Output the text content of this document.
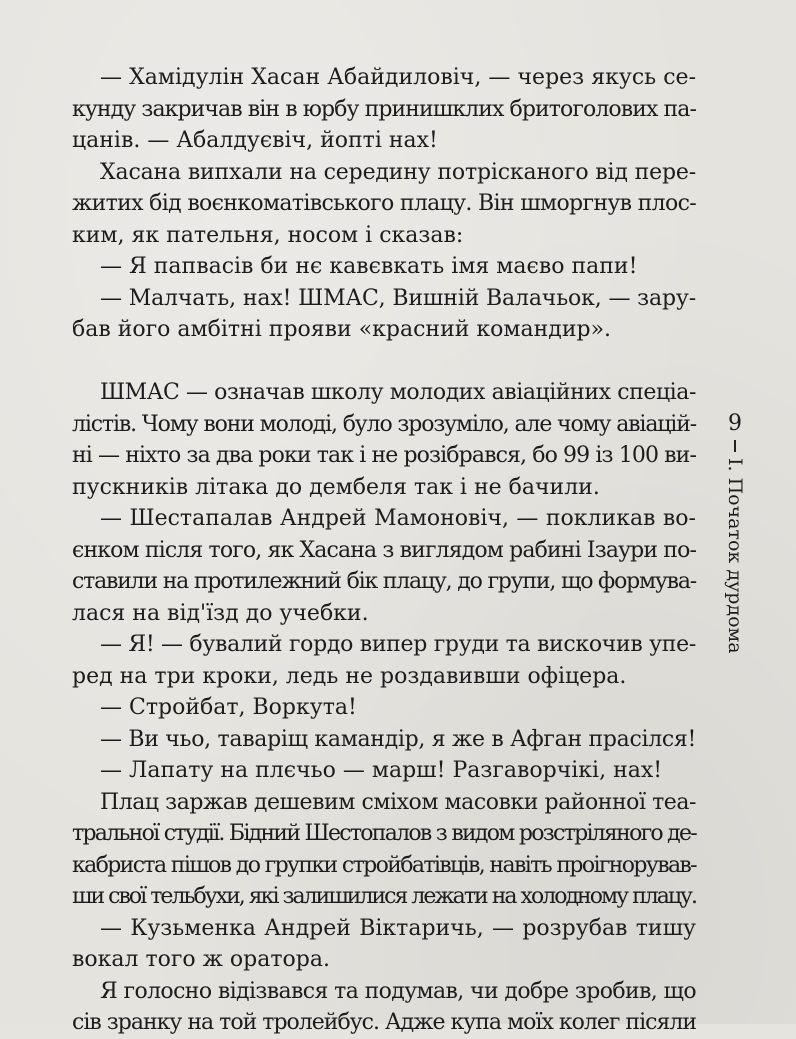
— Хамідулін Хасан Абайдиловіч, — через якусь се-
кунду закричав він в юрбу принишклих бритоголових па-
цанів. — Абалдуєвіч, йопті нах!
Хасана випхали на середину потрісканого від пере-
житих бід воєнкоматівського плацу. Він шморгнув плос-
ким, як пательня, носом і сказав:
— Я папвасів би нє кавєвкать імя маєво папи!
— Малчать, нах! ШМАС, Вишній Валачьок, — зару-
бав його амбітні прояви «красний командир».
ШМАС — означав школу молодих авіаційних спеціа-
лістів. Чому вони молоді, було зрозуміло, але чому авіацій-
ні — ніхто за два роки так і не розібрався, бо 99 із 100 ви-
пускників літака до дембеля так і не бачили.
— Шестапалав Андрей Мамоновіч, — покликав во-
єнком після того, як Хасана з виглядом рабині Ізаури по-
ставили на протилежний бік плацу, до групи, що формува-
лася на від'їзд до учебки.
— Я! — бувалий гордо випер груди та вискочив упе-
ред на три кроки, ледь не роздавивши офіцера.
— Стройбат, Воркута!
— Ви чьо, таваріщ камандір, я же в Афган прасілся!
— Лапату на плєчьо — марш! Разгаворчікі, нах!
Плац заржав дешевим сміхом масовки районної теа-
тральної студії. Бідний Шестопалов з видом розстріляного де-
кабриста пішов до групки стройбатівців, навіть проігнорував-
ши свої тельбухи, які залишилися лежати на холодному плацу.
— Кузьменка Андрей Віктаричь, — розрубав тишу
вокал того ж оратора.
Я голосно відізвався та подумав, чи добре зробив, що
сів зранку на той тролейбус. Адже купа моїх колег пісяли
9
I. Початок дурдома
